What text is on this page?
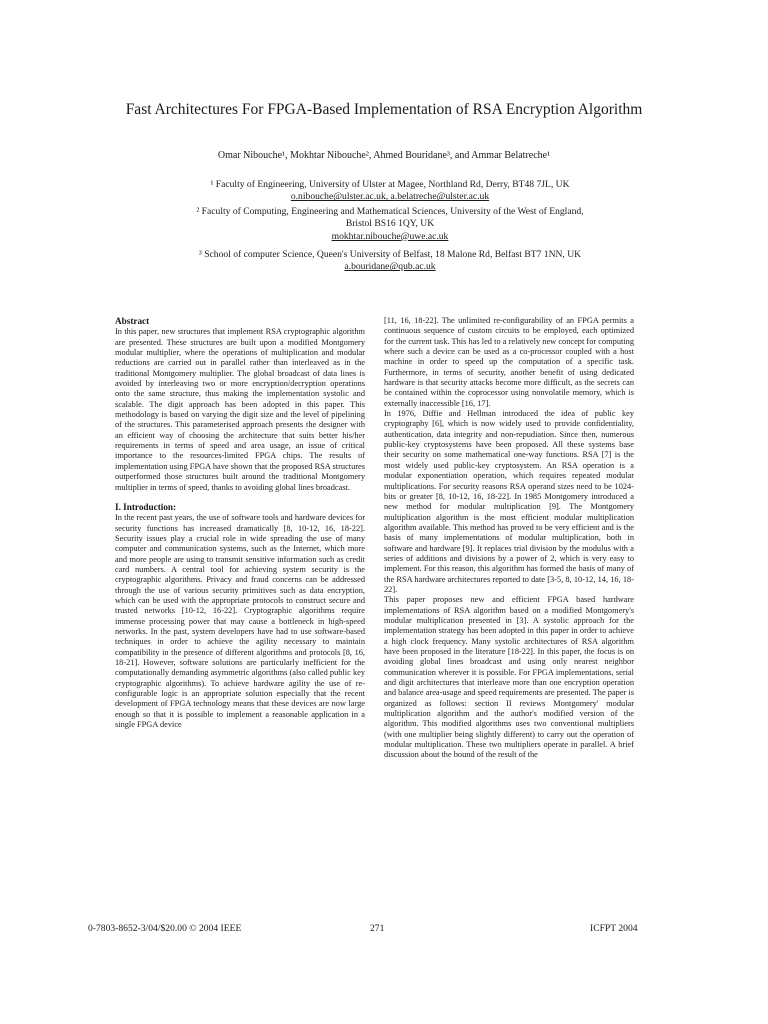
Fast Architectures For FPGA-Based Implementation of RSA Encryption Algorithm
Omar Nibouche¹, Mokhtar Nibouche², Ahmed Bouridane³, and Ammar Belatreche¹
¹ Faculty of Engineering, University of Ulster at Magee, Northland Rd, Derry, BT48 7JL, UK
o.nibouche@ulster.ac.uk, a.belatreche@ulster.ac.uk
² Faculty of Computing, Engineering and Mathematical Sciences, University of the West of England,
Bristol BS16 1QY, UK
mokhtar.nibouche@uwe.ac.uk
³ School of computer Science, Queen's University of Belfast, 18 Malone Rd, Belfast BT7 1NN, UK
a.bouridane@qub.ac.uk
Abstract

In this paper, new structures that implement RSA cryptographic algorithm are presented. These structures are built upon a modified Montgomery modular multiplier, where the operations of multiplication and modular reductions are carried out in parallel rather than interleaved as in the traditional Montgomery multiplier. The global broadcast of data lines is avoided by interleaving two or more encryption/decryption operations onto the same structure, thus making the implementation systolic and scalable. The digit approach has been adopted in this paper. This methodology is based on varying the digit size and the level of pipelining of the structures. This parameterised approach presents the designer with an efficient way of choosing the architecture that suits better his/her requirements in terms of speed and area usage, an issue of critical importance to the resources-limited FPGA chips. The results of implementation using FPGA have shown that the proposed RSA structures outperformed those structures built around the traditional Montgomery multiplier in terms of speed, thanks to avoiding global lines broadcast.

I. Introduction:

In the recent past years, the use of software tools and hardware devices for security functions has increased dramatically [8, 10-12, 16, 18-22]. Security issues play a crucial role in wide spreading the use of many computer and communication systems, such as the Internet, which more and more people are using to transmit sensitive information such as credit card numbers. A central tool for achieving system security is the cryptographic algorithms. Privacy and fraud concerns can be addressed through the use of various security primitives such as data encryption, which can be used with the appropriate protocols to construct secure and trusted networks [10-12, 16-22]. Cryptographic algorithms require immense processing power that may cause a bottleneck in high-speed networks. In the past, system developers have had to use software-based techniques in order to achieve the agility necessary to maintain compatibility in the presence of different algorithms and protocols [8, 16, 18-21]. However, software solutions are particularly inefficient for the computationally demanding asymmetric algorithms (also called public key cryptographic algorithms). To achieve hardware agility the use of re-configurable logic is an appropriate solution especially that the recent development of FPGA technology means that these devices are now large enough so that it is possible to implement a reasonable application in a single FPGA device

[11, 16, 18-22]. The unlimited re-configurability of an FPGA permits a continuous sequence of custom circuits to be employed, each optimized for the current task. This has led to a relatively new concept for computing where such a device can be used as a co-processor coupled with a host machine in order to speed up the computation of a specific task. Furthermore, in terms of security, another benefit of using dedicated hardware is that security attacks become more difficult, as the secrets can be contained within the coprocessor using nonvolatile memory, which is externally inaccessible [16, 17].

In 1976, Diffie and Hellman introduced the idea of public key cryptography [6], which is now widely used to provide confidentiality, authentication, data integrity and non-repudiation. Since then, numerous public-key cryptosystems have been proposed. All these systems base their security on some mathematical one-way functions. RSA [7] is the most widely used public-key cryptosystem. An RSA operation is a modular exponentiation operation, which requires repeated modular multiplications. For security reasons RSA operand sizes need to be 1024-bits or greater [8, 10-12, 16, 18-22]. In 1985 Montgomery introduced a new method for modular multiplication [9]. The Montgomery multiplication algorithm is the most efficient modular multiplication algorithm available. This method has proved to be very efficient and is the basis of many implementations of modular multiplication, both in software and hardware [9]. It replaces trial division by the modulus with a series of additions and divisions by a power of 2, which is very easy to implement. For this reason, this algorithm has formed the basis of many of the RSA hardware architectures reported to date [3-5, 8, 10-12, 14, 16, 18-22].

This paper proposes new and efficient FPGA based hardware implementations of RSA algorithm based on a modified Montgomery's modular multiplication presented in [3]. A systolic approach for the implementation strategy has been adopted in this paper in order to achieve a high clock frequency. Many systolic architectures of RSA algorithm have been proposed in the literature [18-22]. In this paper, the focus is on avoiding global lines broadcast and using only nearest neighbor communication wherever it is possible. For FPGA implementations, serial and digit architectures that interleave more than one encryption operation and balance area-usage and speed requirements are presented. The paper is organized as follows: section II reviews Montgomery' modular multiplication algorithm and the author's modified version of the algorithm. This modified algorithms uses two conventional multipliers (with one multiplier being slightly different) to carry out the operation of modular multiplication. These two multipliers operate in parallel. A brief discussion about the bound of the result of the

0-7803-8652-3/04/$20.00 © 2004 IEEE	271	ICFPT 2004
